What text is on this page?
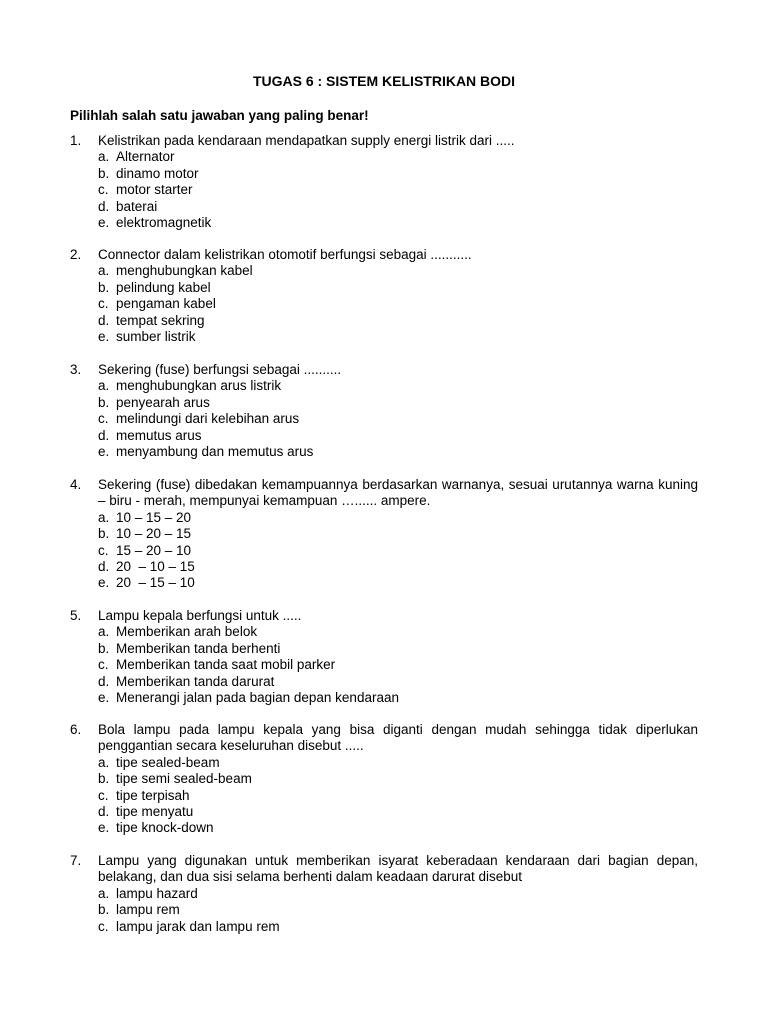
TUGAS 6 : SISTEM KELISTRIKAN BODI
Pilihlah salah satu jawaban yang paling benar!
1.	Kelistrikan pada kendaraan mendapatkan supply energi listrik dari .....
a. Alternator
b. dinamo motor
c. motor starter
d. baterai
e. elektromagnetik
2.	Connector dalam kelistrikan otomotif berfungsi sebagai ...........
a. menghubungkan kabel
b. pelindung kabel
c. pengaman kabel
d. tempat sekring
e. sumber listrik
3.	Sekering (fuse) berfungsi sebagai ..........
a. menghubungkan arus listrik
b. penyearah arus
c. melindungi dari kelebihan arus
d. memutus arus
e. menyambung dan memutus arus
4.	Sekering (fuse) dibedakan kemampuannya berdasarkan warnanya, sesuai urutannya warna kuning – biru - merah, mempunyai kemampuan …...... ampere.
a. 10 – 15 – 20
b. 10 – 20 – 15
c. 15 – 20 – 10
d. 20  – 10 – 15
e. 20  – 15 – 10
5.	Lampu kepala berfungsi untuk .....
a. Memberikan arah belok
b. Memberikan tanda berhenti
c. Memberikan tanda saat mobil parker
d. Memberikan tanda darurat
e. Menerangi jalan pada bagian depan kendaraan
6.	Bola lampu pada lampu kepala yang bisa diganti dengan mudah sehingga tidak diperlukan penggantian secara keseluruhan disebut .....
a. tipe sealed-beam
b. tipe semi sealed-beam
c. tipe terpisah
d. tipe menyatu
e. tipe knock-down
7.	Lampu yang digunakan untuk memberikan isyarat keberadaan kendaraan dari bagian depan, belakang, dan dua sisi selama berhenti dalam keadaan darurat disebut
a. lampu hazard
b. lampu rem
c. lampu jarak dan lampu rem
